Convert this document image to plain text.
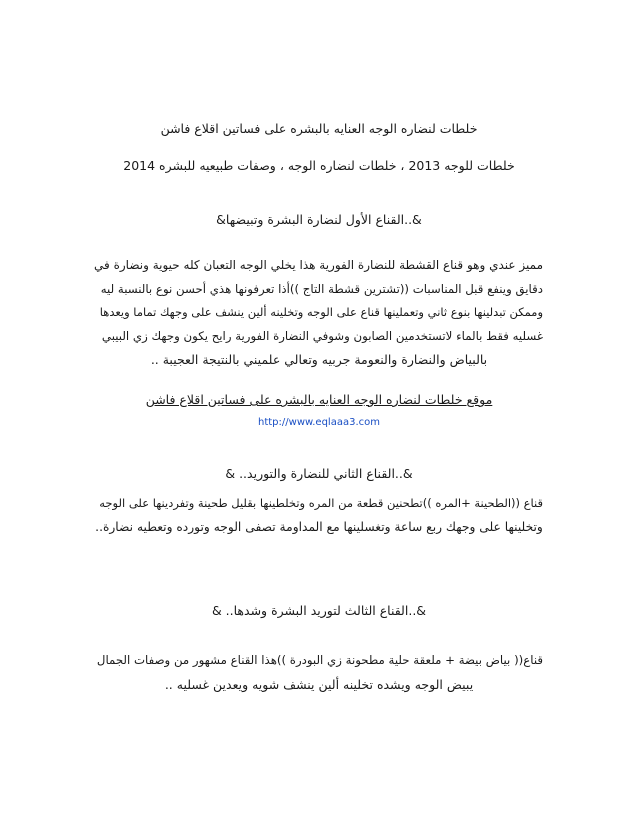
خلطات لنضاره الوجه العنايه بالبشره على فساتين اقلاع فاشن
خلطات للوجه 2013 ، خلطات لنضاره الوجه ، وصفات طبيعيه للبشره 2014
&..القناع الأول لنضارة البشرة وتبيضها&
مميز عندي وهو قناع القشطة للنضارة الفورية هذا يخلي الوجه التعبان كله حيوية ونضارة في
دقايق وينفع قبل المناسبات ((تشترين قشطة التاج ))أذا تعرفونها هذي أحسن نوع بالنسبة ليه
وممكن تبدلينها بنوع ثاني وتعملينها قناع على الوجه وتخلينه ألين ينشف على وجهك تماما ويعدها
غسليه فقط بالماء لاتستخدمين الصابون وشوفي النضارة الفورية رايح يكون وجهك زي البيبي
بالبياض والنضارة والنعومة جربيه وتعالي علميني بالنتيجة العجيبة ..
موقع خلطات لنضاره الوجه العنايه بالبشره على فساتين اقلاع فاشن
http://www.eqlaaa3.com
&..القناع الثاني للنضارة والتوريد.. &
قناع ((الطحينة +المره ))تطحنين قطعة من المره وتخلطينها بقليل طحينة وتفردينها على الوجه
وتخلينها على وجهك ربع ساعة وتغسلينها مع المداومة تصفى الوجه وتورده وتعطيه نضارة..
&..القناع الثالث لتوريد البشرة وشدها.. &
قناع(( بياض بيضة + ملعقة حلية مطحونة زي البودرة ))هذا القناع مشهور من وصفات الجمال
يبيض الوجه ويشده تخلينه ألين ينشف شويه ويعدين غسليه ..
